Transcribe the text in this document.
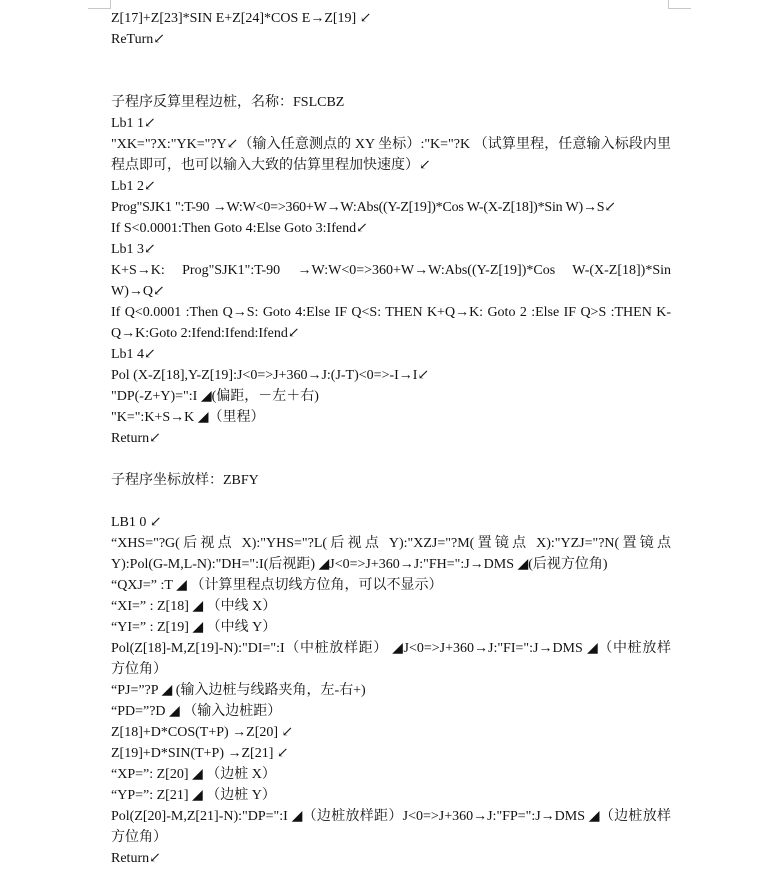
Z[17]+Z[23]*SIN E+Z[24]*COS E→Z[19] ↙
ReTurn↙
子程序反算里程边桩，名称：FSLCBZ
Lb1 1↙
"XK="?X:"YK="?Y↙（输入任意测点的 XY 坐标）:"K="?K （试算里程，任意输入标段内里程点即可，也可以输入大致的估算里程加快速度）↙
Lb1 2↙
Prog"SJK1 ":T-90 →W:W<0=>360+W→W:Abs((Y-Z[19])*Cos W-(X-Z[18])*Sin W)→S↙
If S<0.0001:Then Goto 4:Else Goto 3:Ifend↙
Lb1 3↙
K+S→K: Prog"SJK1":T-90 →W:W<0=>360+W→W:Abs((Y-Z[19])*Cos W-(X-Z[18])*Sin W)→Q↙
If Q<0.0001 :Then Q→S: Goto 4:Else IF Q<S: THEN K+Q→K: Goto 2 :Else IF Q>S :THEN K-Q→K:Goto 2:Ifend:Ifend:Ifend↙
Lb1 4↙
Pol (X-Z[18],Y-Z[19]:J<0=>J+360→J:(J-T)<0=>-I→I↙
"DP(-Z+Y)=":I ◢(偏距，－左＋右)
"K=":K+S→K ◢（里程）
Return↙
子程序坐标放样：ZBFY
LB1 0 ↙
“XHS="?G(后视点 X):"YHS="?L(后视点 Y):"XZJ="?M(置镜点 X):"YZJ="?N(置镜点 Y):Pol(G-M,L-N):"DH=":I(后视距) ◢J<0=>J+360→J:"FH=":J→DMS ◢(后视方位角)
“QXJ=” :T ◢ （计算里程点切线方位角，可以不显示）
“XI=” : Z[18] ◢ （中线 X）
“YI=” : Z[19] ◢ （中线 Y）
Pol(Z[18]-M,Z[19]-N):"DI=":I（中桩放样距） ◢J<0=>J+360→J:"FI=":J→DMS ◢（中桩放样方位角）
“PJ=”?P ◢ (输入边桩与线路夹角，左-右+)
“PD=”?D ◢ （输入边桩距）
Z[18]+D*COS(T+P) →Z[20] ↙
Z[19]+D*SIN(T+P) →Z[21] ↙
“XP=”: Z[20] ◢ （边桩 X）
“YP=”: Z[21] ◢ （边桩 Y）
Pol(Z[20]-M,Z[21]-N):"DP=":I ◢（边桩放样距）J<0=>J+360→J:"FP=":J→DMS ◢（边桩放样方位角）
Return↙
